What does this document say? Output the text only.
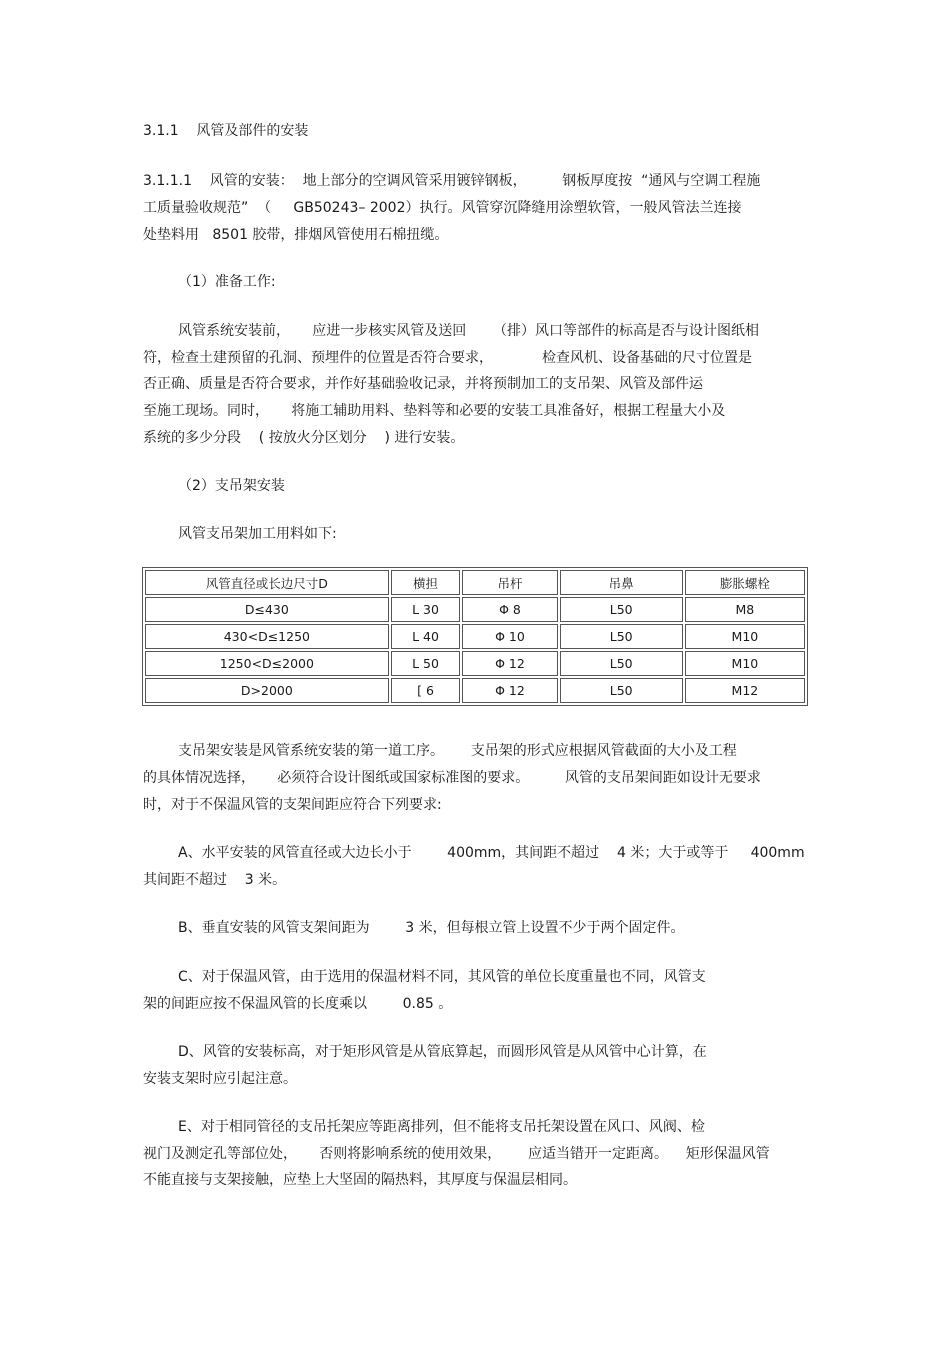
3.1.1    风管及部件的安装
3.1.1.1    风管的安装：  地上部分的空调风管采用镀锌钢板，        钢板厚度按  “通风与空调工程施
工质量验收规范”  （     GB50243– 2002）执行。风管穿沉降缝用涂塑软管，一般风管法兰连接
处垫料用   8501 胶带，排烟风管使用石棉扭缆。
（1）准备工作:
风管系统安装前，     应进一步核实风管及送回      （排）风口等部件的标高是否与设计图纸相
符，检查土建预留的孔洞、预埋件的位置是否符合要求，           检查风机、设备基础的尺寸位置是
否正确、质量是否符合要求，并作好基础验收记录，并将预制加工的支吊架、风管及部件运
至施工现场。同时，     将施工辅助用料、垫料等和必要的安装工具准备好，根据工程量大小及
系统的多少分段    ( 按放火分区划分    ) 进行安装。
（2）支吊架安装
风管支吊架加工用料如下:
风管直径或长边尺寸D	横担	吊杆	吊鼻	膨胀螺栓
D≤430	L 30	Φ 8	L50	M8
430<D≤1250	L 40	Φ 10	L50	M10
1250<D≤2000	L 50	Φ 12	L50	M10
D>2000	[ 6	Φ 12	L50	M12
支吊架安装是风管系统安装的第一道工序。      支吊架的形式应根据风管截面的大小及工程
的具体情况选择，     必须符合设计图纸或国家标准图的要求。        风管的支吊架间距如设计无要求
时，对于不保温风管的支架间距应符合下列要求:
A、水平安装的风管直径或大边长小于        400mm，其间距不超过    4 米；大于或等于     400mm
其间距不超过    3 米。
B、垂直安装的风管支架间距为        3 米，但每根立管上设置不少于两个固定件。
C、对于保温风管，由于选用的保温材料不同，其风管的单位长度重量也不同，风管支
架的间距应按不保温风管的长度乘以        0.85 。
D、风管的安装标高，对于矩形风管是从管底算起，而圆形风管是从风管中心计算，在
安装支架时应引起注意。
E、对于相同管径的支吊托架应等距离排列，但不能将支吊托架设置在风口、风阀、检
视门及测定孔等部位处，     否则将影响系统的使用效果，      应适当错开一定距离。    矩形保温风管
不能直接与支架接触，应垫上大坚固的隔热料，其厚度与保温层相同。
